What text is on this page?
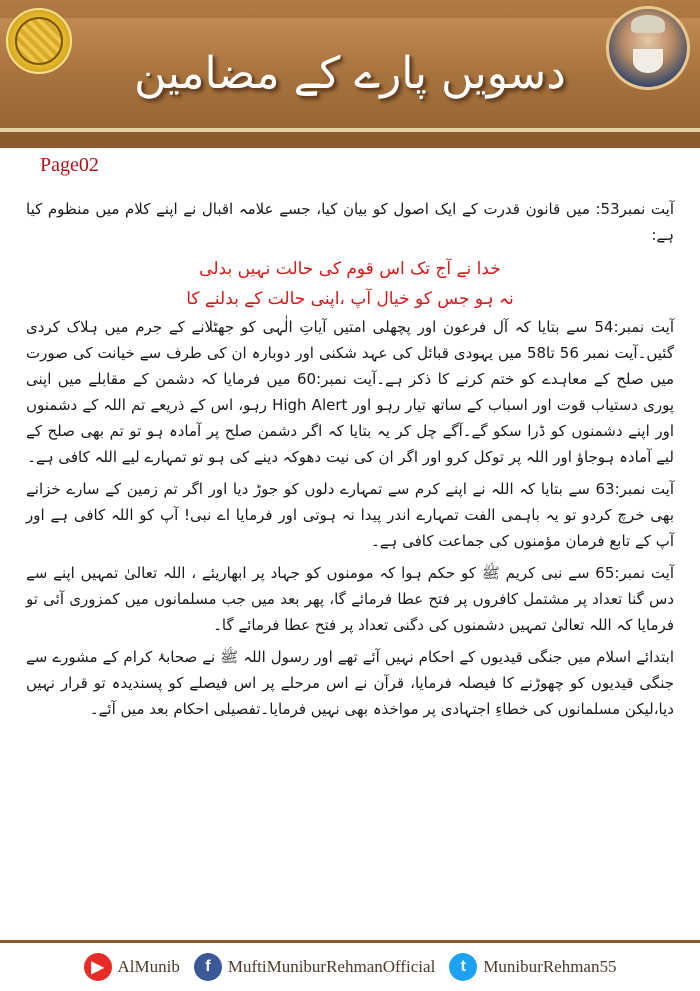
دسویں پارے کے مضامین
Page02

آیت نمبر53: میں قانون قدرت کے ایک اصول کو بیان کیا، جسے علامہ اقبال نے اپنے کلام میں منظوم کیا ہے:

خدا نے آج تک اس قوم کی حالت نہیں بدلی

نہ ہو جس کو خیال آپ ،اپنی حالت کے بدلنے کا

آیت نمبر:54 سے بتایا کہ آل فرعون اور پچھلی امتیں آیاتِ الٰہی کو جھٹلانے کے جرم میں ہلاک کردی گئیں۔آیت نمبر 56 تا58 میں یہودی قبائل کی عہد شکنی اور دوبارہ ان کی طرف سے خیانت کی صورت میں صلح کے معاہدے کو ختم کرنے کا ذکر ہے۔آیت نمبر:60 میں فرمایا کہ دشمن کے مقابلے میں اپنی پوری دستیاب قوت اور اسباب کے ساتھ تیار رہو اور High Alert رہو، اس کے ذریعے تم اللہ کے دشمنوں اور اپنے دشمنوں کو ڈرا سکو گے۔آگے چل کر یہ بتایا کہ اگر دشمن صلح پر آمادہ ہو تو تم بھی صلح کے لیے آمادہ ہوجاؤ اور اللہ پر توکل کرو اور اگر ان کی نیت دھوکہ دینے کی ہو تو تمہارے لیے اللہ کافی ہے۔

آیت نمبر:63 سے بتایا کہ اللہ نے اپنے کرم سے تمہارے دلوں کو جوڑ دیا اور اگر تم زمین کے سارے خزانے بھی خرچ کردو تو یہ باہمی الفت تمہارے اندر پیدا نہ ہوتی اور فرمایا اے نبی! آپ کو اللہ کافی ہے اور آپ کے تابع فرمان مؤمنوں کی جماعت کافی ہے۔

آیت نمبر:65 سے نبی کریم ﷺ کو حکم ہوا کہ مومنوں کو جہاد پر ابھاریئے ، اللہ تعالیٰ تمہیں اپنے سے دس گنا تعداد پر مشتمل کافروں پر فتح عطا فرمائے گا، پھر بعد میں جب مسلمانوں میں کمزوری آئی تو فرمایا کہ اللہ تعالیٰ تمہیں دشمنوں کی دگنی تعداد پر فتح عطا فرمائے گا۔

ابتدائے اسلام میں جنگی قیدیوں کے احکام نہیں آئے تھے اور رسول اللہ ﷺ نے صحابۂ کرام کے مشورے سے جنگی قیدیوں کو چھوڑنے کا فیصلہ فرمایا، قرآن نے اس مرحلے پر اس فیصلے کو پسندیدہ تو قرار نہیں دیا،لیکن مسلمانوں کی خطاءِ اجتہادی پر مواخذہ بھی نہیں فرمایا۔تفصیلی احکام بعد میں آئے۔

▶ AlMunib	f	MuftiMuniburRehmanOfficial	t	MuniburRehman55
